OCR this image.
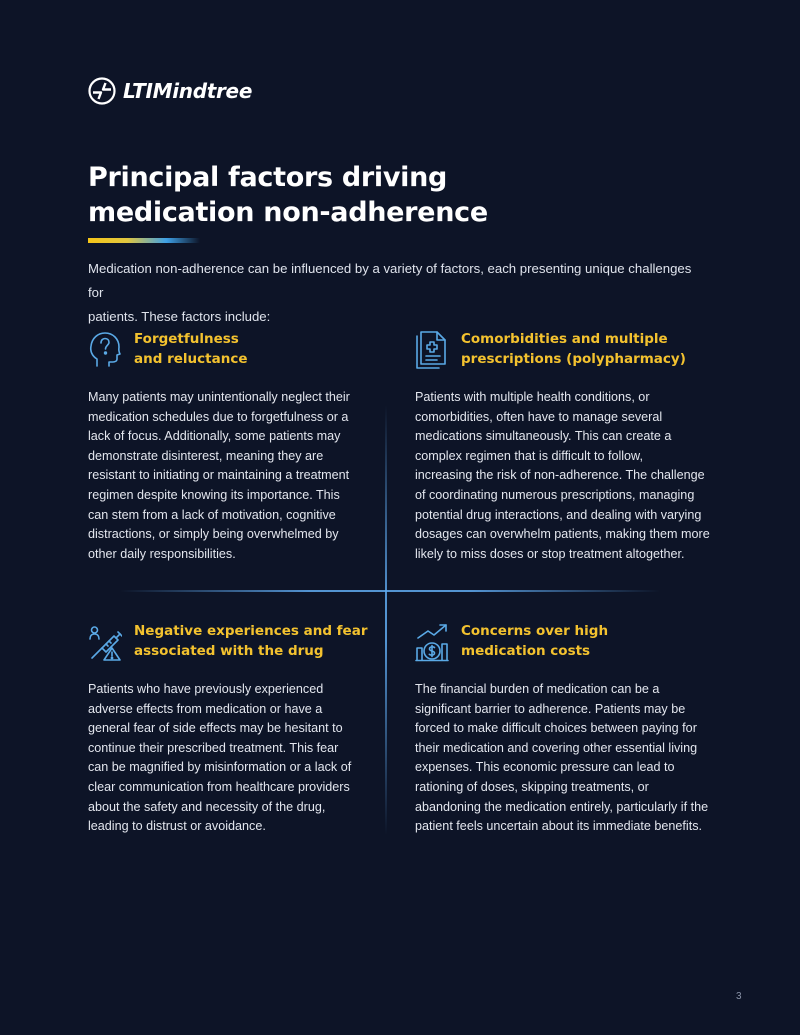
LTIMindtree
Principal factors driving
medication non-adherence

Medication non-adherence can be influenced by a variety of factors, each presenting unique challenges for
patients. These factors include:

Forgetfulness
and reluctance

Many patients may unintentionally neglect their
medication schedules due to forgetfulness or a
lack of focus. Additionally, some patients may
demonstrate disinterest, meaning they are
resistant to initiating or maintaining a treatment
regimen despite knowing its importance. This
can stem from a lack of motivation, cognitive
distractions, or simply being overwhelmed by
other daily responsibilities.

Comorbidities and multiple
prescriptions (polypharmacy)

Patients with multiple health conditions, or
comorbidities, often have to manage several
medications simultaneously. This can create a
complex regimen that is difficult to follow,
increasing the risk of non-adherence. The challenge
of coordinating numerous prescriptions, managing
potential drug interactions, and dealing with varying
dosages can overwhelm patients, making them more
likely to miss doses or stop treatment altogether.

Negative experiences and fear
associated with the drug

Patients who have previously experienced
adverse effects from medication or have a
general fear of side effects may be hesitant to
continue their prescribed treatment. This fear
can be magnified by misinformation or a lack of
clear communication from healthcare providers
about the safety and necessity of the drug,
leading to distrust or avoidance.

Concerns over high
medication costs

The financial burden of medication can be a
significant barrier to adherence. Patients may be
forced to make difficult choices between paying for
their medication and covering other essential living
expenses. This economic pressure can lead to
rationing of doses, skipping treatments, or
abandoning the medication entirely, particularly if the
patient feels uncertain about its immediate benefits.

3
